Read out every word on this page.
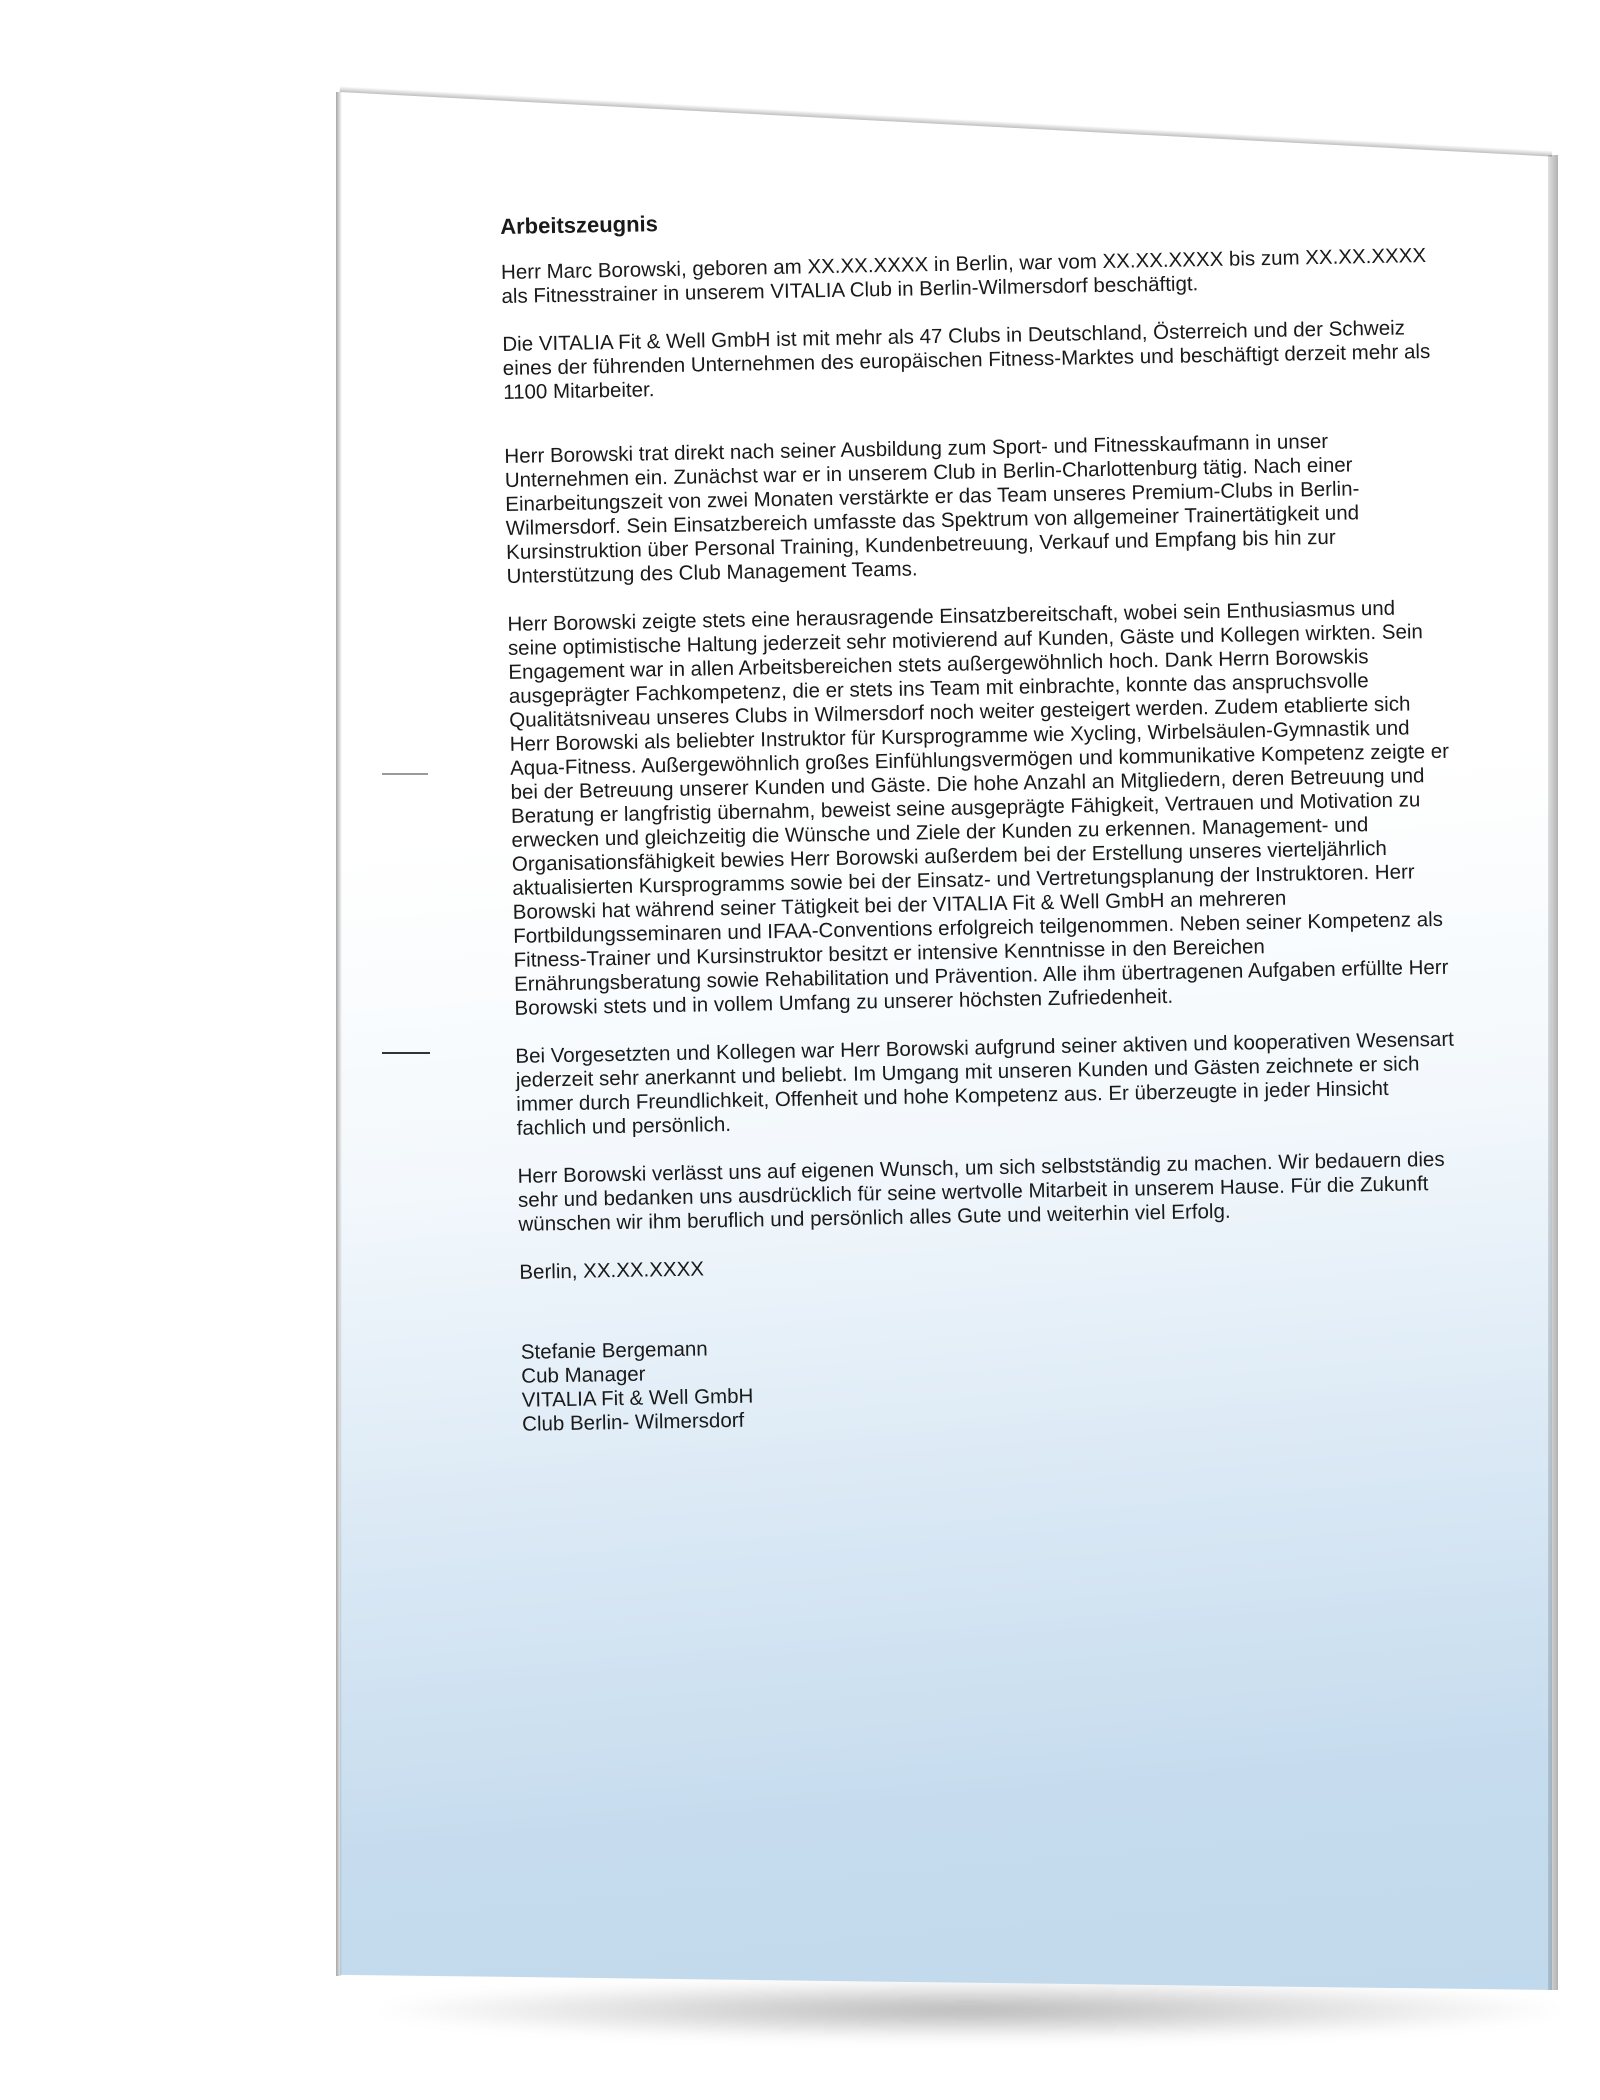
Arbeitszeugnis

Herr Marc Borowski, geboren am XX.XX.XXXX in Berlin, war vom XX.XX.XXXX bis zum XX.XX.XXXX als Fitnesstrainer in unserem VITALIA Club in Berlin-Wilmersdorf beschäftigt.

Die VITALIA Fit & Well GmbH ist mit mehr als 47 Clubs in Deutschland, Österreich und der Schweiz eines der führenden Unternehmen des europäischen Fitness-Marktes und beschäftigt derzeit mehr als 1100 Mitarbeiter.

Herr Borowski trat direkt nach seiner Ausbildung zum Sport- und Fitnesskaufmann in unser Unternehmen ein. Zunächst war er in unserem Club in Berlin-Charlottenburg tätig. Nach einer Einarbeitungszeit von zwei Monaten verstärkte er das Team unseres Premium-Clubs in Berlin-Wilmersdorf. Sein Einsatzbereich umfasste das Spektrum von allgemeiner Trainertätigkeit und Kursinstruktion über Personal Training, Kundenbetreuung, Verkauf und Empfang bis hin zur Unterstützung des Club Management Teams.

Herr Borowski zeigte stets eine herausragende Einsatzbereitschaft, wobei sein Enthusiasmus und seine optimistische Haltung jederzeit sehr motivierend auf Kunden, Gäste und Kollegen wirkten. Sein Engagement war in allen Arbeitsbereichen stets außergewöhnlich hoch. Dank Herrn Borowskis ausgeprägter Fachkompetenz, die er stets ins Team mit einbrachte, konnte das anspruchsvolle Qualitätsniveau unseres Clubs in Wilmersdorf noch weiter gesteigert werden. Zudem etablierte sich Herr Borowski als beliebter Instruktor für Kursprogramme wie Xycling, Wirbelsäulen-Gymnastik und Aqua-Fitness. Außergewöhnlich großes Einfühlungsvermögen und kommunikative Kompetenz zeigte er bei der Betreuung unserer Kunden und Gäste. Die hohe Anzahl an Mitgliedern, deren Betreuung und Beratung er langfristig übernahm, beweist seine ausgeprägte Fähigkeit, Vertrauen und Motivation zu erwecken und gleichzeitig die Wünsche und Ziele der Kunden zu erkennen. Management- und Organisationsfähigkeit bewies Herr Borowski außerdem bei der Erstellung unseres vierteljährlich aktualisierten Kursprogramms sowie bei der Einsatz- und Vertretungsplanung der Instruktoren. Herr Borowski hat während seiner Tätigkeit bei der VITALIA Fit & Well GmbH an mehreren Fortbildungsseminaren und IFAA-Conventions erfolgreich teilgenommen. Neben seiner Kompetenz als Fitness-Trainer und Kursinstruktor besitzt er intensive Kenntnisse in den Bereichen Ernährungsberatung sowie Rehabilitation und Prävention. Alle ihm übertragenen Aufgaben erfüllte Herr Borowski stets und in vollem Umfang zu unserer höchsten Zufriedenheit.

Bei Vorgesetzten und Kollegen war Herr Borowski aufgrund seiner aktiven und kooperativen Wesensart jederzeit sehr anerkannt und beliebt. Im Umgang mit unseren Kunden und Gästen zeichnete er sich immer durch Freundlichkeit, Offenheit und hohe Kompetenz aus. Er überzeugte in jeder Hinsicht fachlich und persönlich.

Herr Borowski verlässt uns auf eigenen Wunsch, um sich selbstständig zu machen. Wir bedauern dies sehr und bedanken uns ausdrücklich für seine wertvolle Mitarbeit in unserem Hause. Für die Zukunft wünschen wir ihm beruflich und persönlich alles Gute und weiterhin viel Erfolg.

Berlin, XX.XX.XXXX

Stefanie Bergemann

Cub Manager

VITALIA Fit & Well GmbH

Club Berlin- Wilmersdorf
